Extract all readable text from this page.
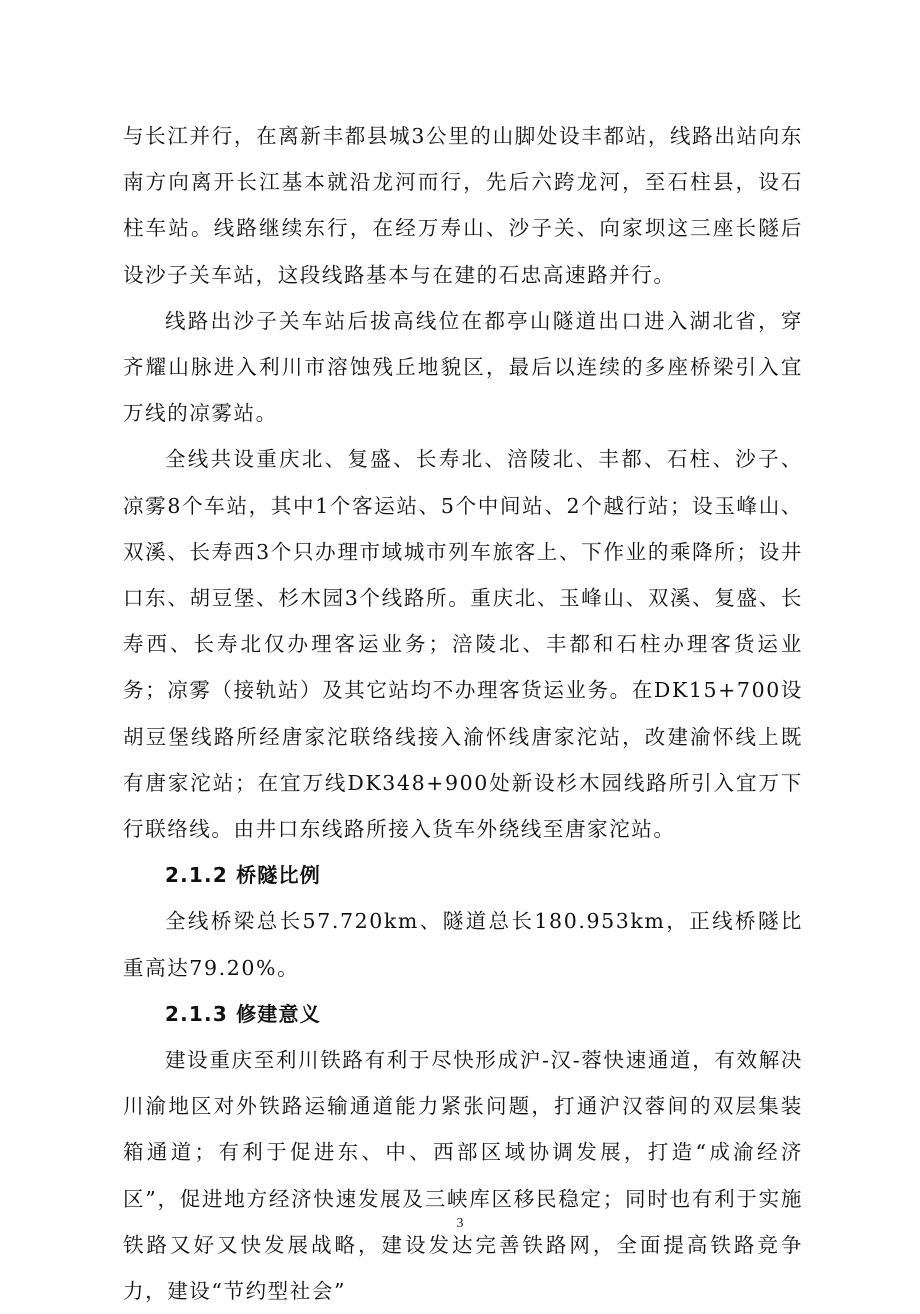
与长江并行，在离新丰都县城3公里的山脚处设丰都站，线路出站向东南方向离开长江基本就沿龙河而行，先后六跨龙河，至石柱县，设石柱车站。线路继续东行，在经万寿山、沙子关、向家坝这三座长隧后设沙子关车站，这段线路基本与在建的石忠高速路并行。

线路出沙子关车站后拔高线位在都亭山隧道出口进入湖北省，穿齐耀山脉进入利川市溶蚀残丘地貌区，最后以连续的多座桥梁引入宜万线的凉雾站。

全线共设重庆北、复盛、长寿北、涪陵北、丰都、石柱、沙子、凉雾8个车站，其中1个客运站、5个中间站、2个越行站；设玉峰山、双溪、长寿西3个只办理市域城市列车旅客上、下作业的乘降所；设井口东、胡豆堡、杉木园3个线路所。重庆北、玉峰山、双溪、复盛、长寿西、长寿北仅办理客运业务；涪陵北、丰都和石柱办理客货运业务；凉雾（接轨站）及其它站均不办理客货运业务。在DK15+700设胡豆堡线路所经唐家沱联络线接入渝怀线唐家沱站，改建渝怀线上既有唐家沱站；在宜万线DK348+900处新设杉木园线路所引入宜万下行联络线。由井口东线路所接入货车外绕线至唐家沱站。

2.1.2 桥隧比例

全线桥梁总长57.720km、隧道总长180.953km，正线桥隧比重高达79.20%。

2.1.3 修建意义

建设重庆至利川铁路有利于尽快形成沪-汉-蓉快速通道，有效解决川渝地区对外铁路运输通道能力紧张问题，打通沪汉蓉间的双层集装箱通道；有利于促进东、中、西部区域协调发展，打造“成渝经济区”，促进地方经济快速发展及三峡库区移民稳定；同时也有利于实施铁路又好又快发展战略，建设发达完善铁路网，全面提高铁路竞争力，建设“节约型社会”

3
